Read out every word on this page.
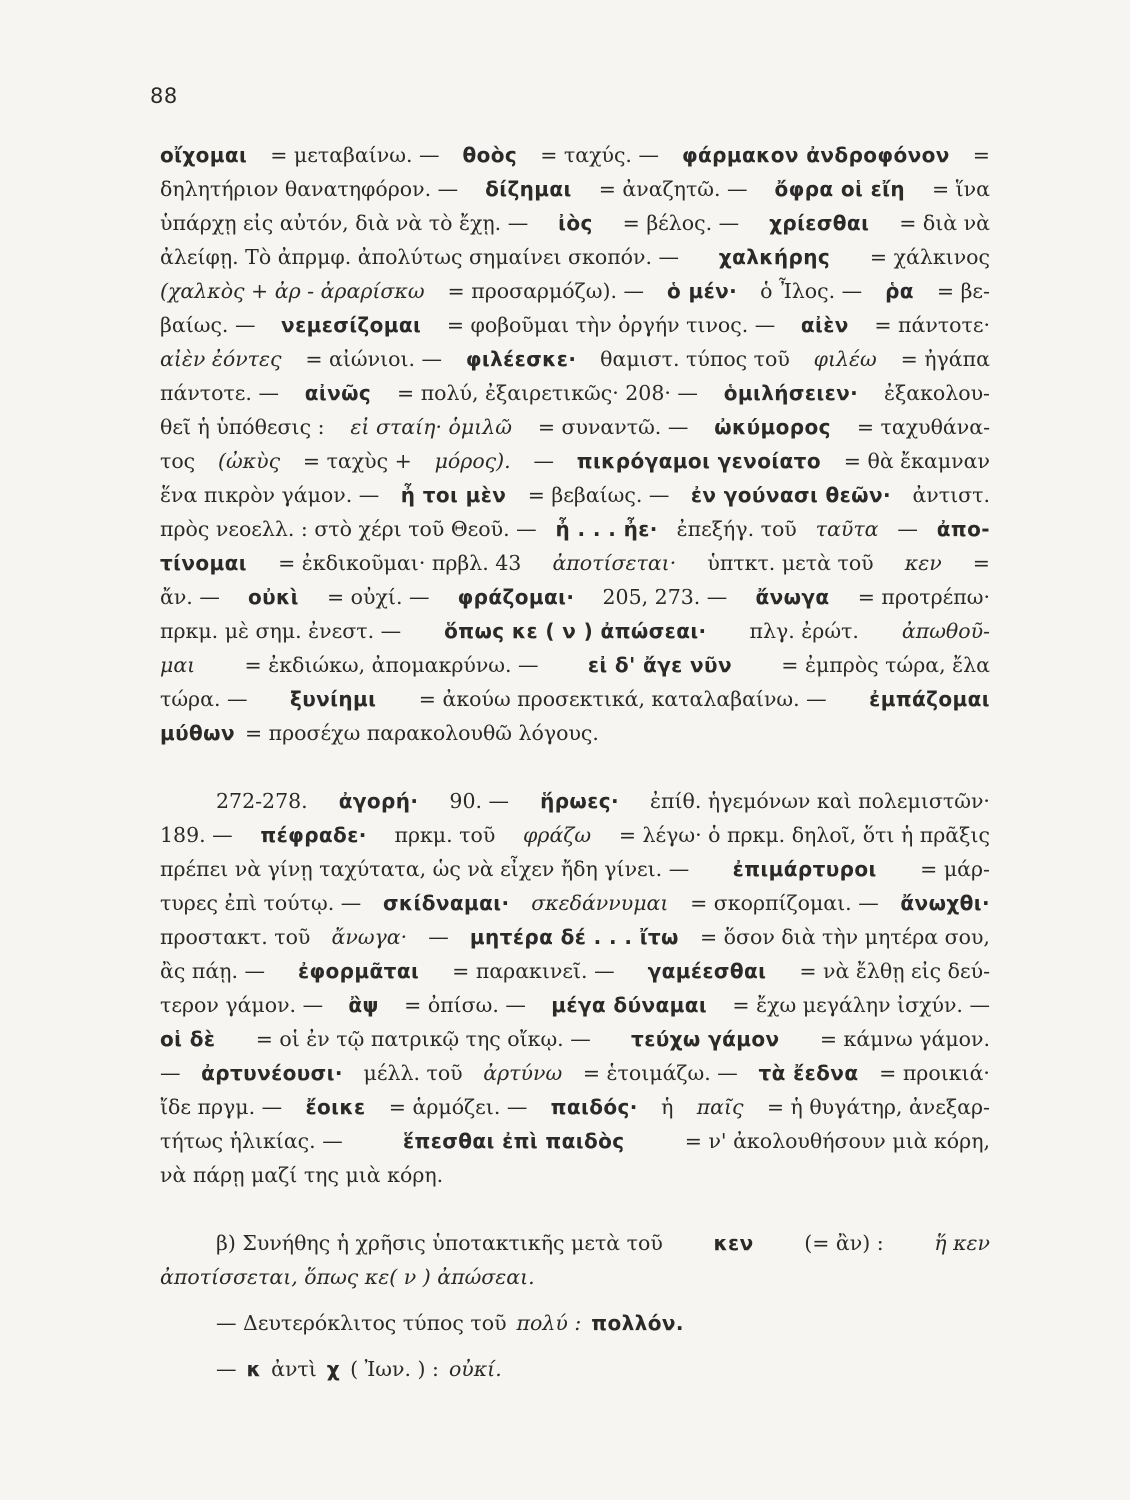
88
οἴχομαι = μεταβαίνω. — θοὸς = ταχύς. — φάρμακον ἀνδροφόνον =
δηλητήριον θανατηφόρον. — δίζημαι = ἀναζητῶ. — ὄφρα οἱ εἴη = ἵνα
ὑπάρχῃ εἰς αὐτόν, διὰ νὰ τὸ ἔχῃ. — ἰὸς = βέλος. — χρίεσθαι = διὰ νὰ
ἀλείφῃ. Τὸ ἀπρμφ. ἀπολύτως σημαίνει σκοπόν. — χαλκήρης = χάλκινος
(χαλκὸς + ἀρ - ἀραρίσκω = προσαρμόζω). — ὁ μέν· ὁ Ἶλος. — ῥα = βε-
βαίως. — νεμεσίζομαι = φοβοῦμαι τὴν ὀργήν τινος. — αἰὲν = πάντοτε·
αἰὲν ἐόντες = αἰώνιοι. — φιλέεσκε· θαμιστ. τύπος τοῦ φιλέω = ἠγάπα
πάντοτε. — αἰνῶς = πολύ, ἐξαιρετικῶς· 208· — ὁμιλήσειεν· ἐξακολου-
θεῖ ἡ ὑπόθεσις : εἰ σταίη· ὁμιλῶ = συναντῶ. — ὠκύμορος = ταχυθάνα-
τος (ὠκὺς = ταχὺς + μόρος). — πικρόγαμοι γενοίατο = θὰ ἔκαμναν
ἕνα πικρὸν γάμον. — ἦ τοι μὲν = βεβαίως. — ἐν γούνασι θεῶν· ἀντιστ.
πρὸς νεοελλ. : στὸ χέρι τοῦ Θεοῦ. — ἦ . . . ἦε· ἐπεξήγ. τοῦ ταῦτα — ἀπο-
τίνομαι = ἐκδικοῦμαι· πρβλ. 43 ἀποτίσεται· ὑπτκτ. μετὰ τοῦ κεν =
ἄν. — οὐκὶ = οὐχί. — φράζομαι· 205, 273. — ἄνωγα = προτρέπω·
πρκμ. μὲ σημ. ἐνεστ. — ὅπως κε ( ν ) ἀπώσεαι· πλγ. ἐρώτ. ἀπωθοῦ-
μαι = ἐκδιώκω, ἀπομακρύνω. — εἰ δ' ἄγε νῦν = ἐμπρὸς τώρα, ἔλα
τώρα. — ξυνίημι = ἀκούω προσεκτικά, καταλαβαίνω. — ἐμπάζομαι
μύθων = προσέχω παρακολουθῶ λόγους.
272-278. ἀγορή· 90. — ἥρωες· ἐπίθ. ἡγεμόνων καὶ πολεμιστῶν·
189. — πέφραδε· πρκμ. τοῦ φράζω = λέγω· ὁ πρκμ. δηλοῖ, ὅτι ἡ πρᾶξις
πρέπει νὰ γίνῃ ταχύτατα, ὡς νὰ εἶχεν ἤδη γίνει. — ἐπιμάρτυροι = μάρ-
τυρες ἐπὶ τούτῳ. — σκίδναμαι· σκεδάννυμαι = σκορπίζομαι. — ἄνωχθι·
προστακτ. τοῦ ἄνωγα· — μητέρα δέ . . . ἴτω = ὅσον διὰ τὴν μητέρα σου,
ἂς πάῃ. — ἐφορμᾶται = παρακινεῖ. — γαμέεσθαι = νὰ ἔλθῃ εἰς δεύ-
τερον γάμον. — ἂψ = ὀπίσω. — μέγα δύναμαι = ἔχω μεγάλην ἰσχύν. —
οἱ δὲ = οἱ ἐν τῷ πατρικῷ της οἴκῳ. — τεύχω γάμον = κάμνω γάμον.
— ἀρτυνέουσι· μέλλ. τοῦ ἀρτύνω = ἑτοιμάζω. — τὰ ἔεδνα = προικιά·
ἴδε πργμ. — ἔοικε = ἁρμόζει. — παιδός· ἡ παῖς = ἡ θυγάτηρ, ἀνεξαρ-
τήτως ἡλικίας. —	ἕπεσθαι ἐπὶ παιδὸς	= ν' ἀκολουθήσουν μιὰ κόρη,
νὰ πάρῃ μαζί της μιὰ κόρη.
β) Συνήθης ἡ χρῆσις ὑποτακτικῆς μετὰ τοῦ	κεν (= ἂν) : ἥ κεν
ἀποτίσσεται, ὅπως κε( ν ) ἀπώσεαι.
— Δευτερόκλιτος τύπος τοῦ πολύ : πολλόν.
— κ ἀντὶ χ ( Ἰων. ) : οὐκί.
